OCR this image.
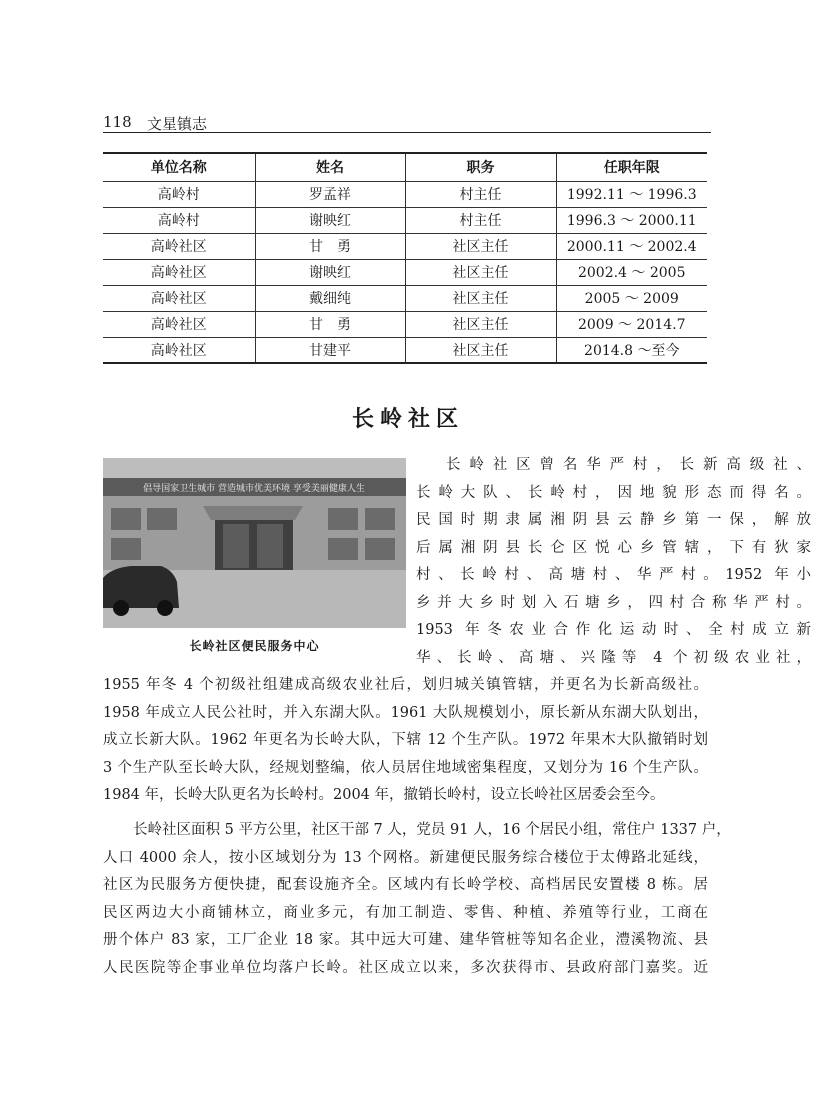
118 文星镇志
单位名称	姓名	职务	任职年限
高岭村	罗孟祥	村主任	1992.11 ～ 1996.3
高岭村	谢映红	村主任	1996.3 ～ 2000.11
高岭社区	甘　勇	社区主任	2000.11 ～ 2002.4
高岭社区	谢映红	社区主任	2002.4 ～ 2005
高岭社区	戴细纯	社区主任	2005 ～ 2009
高岭社区	甘　勇	社区主任	2009 ～ 2014.7
高岭社区	甘建平	社区主任	2014.8 ～至今
长岭社区
倡导国家卫生城市 营造城市优美环境 享受美丽健康人生
长岭社区便民服务中心
长岭社区曾名华严村，长新高级社、
长岭大队、长岭村，因地貌形态而得名。
民国时期隶属湘阴县云静乡第一保，解放
后属湘阴县长仑区悦心乡管辖，下有狄家
村、长岭村、高塘村、华严村。1952 年小
乡并大乡时划入石塘乡，四村合称华严村。
1953 年冬农业合作化运动时、全村成立新
华、长岭、高塘、兴隆等 4 个初级农业社，
1955 年冬 4 个初级社组建成高级农业社后，划归城关镇管辖，并更名为长新高级社。
1958 年成立人民公社时，并入东湖大队。1961 大队规模划小，原长新从东湖大队划出，
成立长新大队。1962 年更名为长岭大队，下辖 12 个生产队。1972 年果木大队撤销时划
3 个生产队至长岭大队，经规划整编，依人员居住地域密集程度，又划分为 16 个生产队。
1984 年，长岭大队更名为长岭村。2004 年，撤销长岭村，设立长岭社区居委会至今。
长岭社区面积 5 平方公里，社区干部 7 人，党员 91 人，16 个居民小组，常住户 1337 户，
人口 4000 余人，按小区域划分为 13 个网格。新建便民服务综合楼位于太傅路北延线，
社区为民服务方便快捷，配套设施齐全。区域内有长岭学校、高档居民安置楼 8 栋。居
民区两边大小商铺林立，商业多元，有加工制造、零售、种植、养殖等行业，工商在
册个体户 83 家，工厂企业 18 家。其中远大可建、建华管桩等知名企业，澧溪物流、县
人民医院等企事业单位均落户长岭。社区成立以来，多次获得市、县政府部门嘉奖。近
